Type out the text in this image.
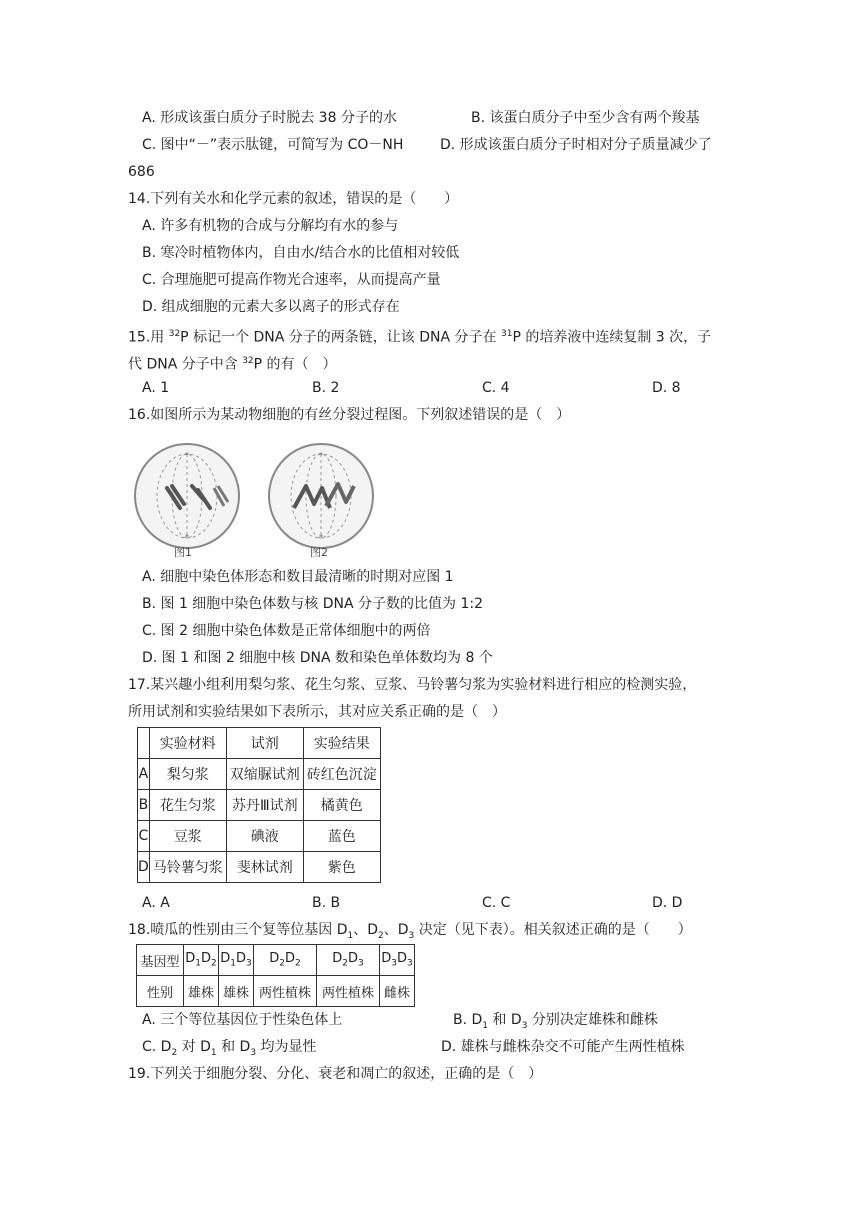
A. 形成该蛋白质分子时脱去 38 分子的水	B. 该蛋白质分子中至少含有两个羧基
C. 图中“－”表示肽键，可简写为 CO－NH	D. 形成该蛋白质分子时相对分子质量减少了
686
14.下列有关水和化学元素的叙述，错误的是（　　）
A. 许多有机物的合成与分解均有水的参与
B. 寒冷时植物体内，自由水/结合水的比值相对较低
C. 合理施肥可提高作物光合速率，从而提高产量
D. 组成细胞的元素大多以离子的形式存在
15.用 $^{32}$P 标记一个 DNA 分子的两条链，让该 DNA 分子在 $^{31}$P 的培养液中连续复制 3 次，子
代 DNA 分子中含 $^{32}$P 的有（　）
A. 1	B. 2	C. 4	D. 8
16.如图所示为某动物细胞的有丝分裂过程图。下列叙述错误的是（　）
*
*
图1
*
*
图2
A. 细胞中染色体形态和数目最清晰的时期对应图 1
B. 图 1 细胞中染色体数与核 DNA 分子数的比值为 1:2
C. 图 2 细胞中染色体数是正常体细胞中的两倍
D. 图 1 和图 2 细胞中核 DNA 数和染色单体数均为 8 个
17.某兴趣小组利用梨匀浆、花生匀浆、豆浆、马铃薯匀浆为实验材料进行相应的检测实验，
所用试剂和实验结果如下表所示，其对应关系正确的是（　）
	实验材料	试剂	实验结果
A	梨匀浆	双缩脲试剂	砖红色沉淀
B	花生匀浆	苏丹Ⅲ试剂	橘黄色
C	豆浆	碘液	蓝色
D	马铃薯匀浆	斐林试剂	紫色
A. A	B. B	C. C	D. D
18.喷瓜的性别由三个复等位基因 $D_1$、$D_2$、$D_3$ 决定（见下表）。相关叙述正确的是（　　）
基因型	$D_1D_2$	$D_1D_3$	$D_2D_2$	$D_2D_3$	$D_3D_3$
性别	雄株	雄株	两性植株	两性植株	雌株
A. 三个等位基因位于性染色体上	B. $D_1$ 和 $D_3$ 分别决定雄株和雌株
C. $D_2$ 对 $D_1$ 和 $D_3$ 均为显性	D. 雄株与雌株杂交不可能产生两性植株
19.下列关于细胞分裂、分化、衰老和凋亡的叙述，正确的是（　）
